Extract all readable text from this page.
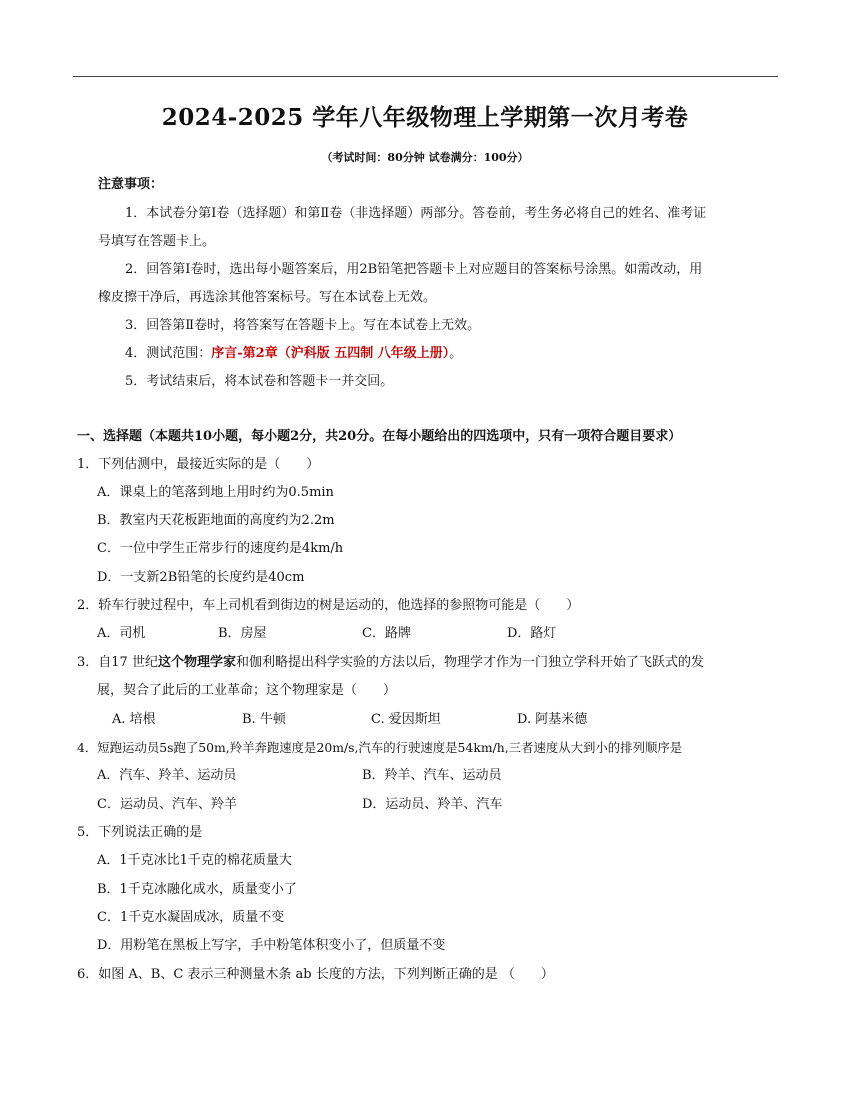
2024-2025 学年八年级物理上学期第一次月考卷
（考试时间：80分钟 试卷满分：100分）
注意事项：
1．本试卷分第Ⅰ卷（选择题）和第Ⅱ卷（非选择题）两部分。答卷前，考生务必将自己的姓名、准考证
号填写在答题卡上。
2．回答第Ⅰ卷时，选出每小题答案后，用2B铅笔把答题卡上对应题目的答案标号涂黑。如需改动，用
橡皮擦干净后，再选涂其他答案标号。写在本试卷上无效。
3．回答第Ⅱ卷时，将答案写在答题卡上。写在本试卷上无效。
4．测试范围：序言-第2章（沪科版 五四制 八年级上册）。
5．考试结束后，将本试卷和答题卡一并交回。
一、选择题（本题共10小题，每小题2分，共20分。在每小题给出的四选项中，只有一项符合题目要求）
1．下列估测中，最接近实际的是（　　）
A．课桌上的笔落到地上用时约为0.5min
B．教室内天花板距地面的高度约为2.2m
C．一位中学生正常步行的速度约是4km/h
D．一支新2B铅笔的长度约是40cm
2．轿车行驶过程中，车上司机看到街边的树是运动的，他选择的参照物可能是（　　）
A．司机	B．房屋	C．路牌	D．路灯
3．自17 世纪这个物理学家和伽利略提出科学实验的方法以后，物理学才作为一门独立学科开始了飞跃式的发
展，契合了此后的工业革命；这个物理家是（　　）
A. 培根	B. 牛顿	C. 爱因斯坦	D. 阿基米德
4．短跑运动员5s跑了50m,羚羊奔跑速度是20m/s,汽车的行驶速度是54km/h,三者速度从大到小的排列顺序是
A．汽车、羚羊、运动员	B．羚羊、汽车、运动员
C．运动员、汽车、羚羊	D．运动员、羚羊、汽车
5．下列说法正确的是
A．1千克冰比1千克的棉花质量大
B．1千克冰融化成水，质量变小了
C．1千克水凝固成冰，质量不变
D．用粉笔在黑板上写字，手中粉笔体积变小了，但质量不变
6．如图 A、B、C 表示三种测量木条 ab 长度的方法，下列判断正确的是 （　　）
